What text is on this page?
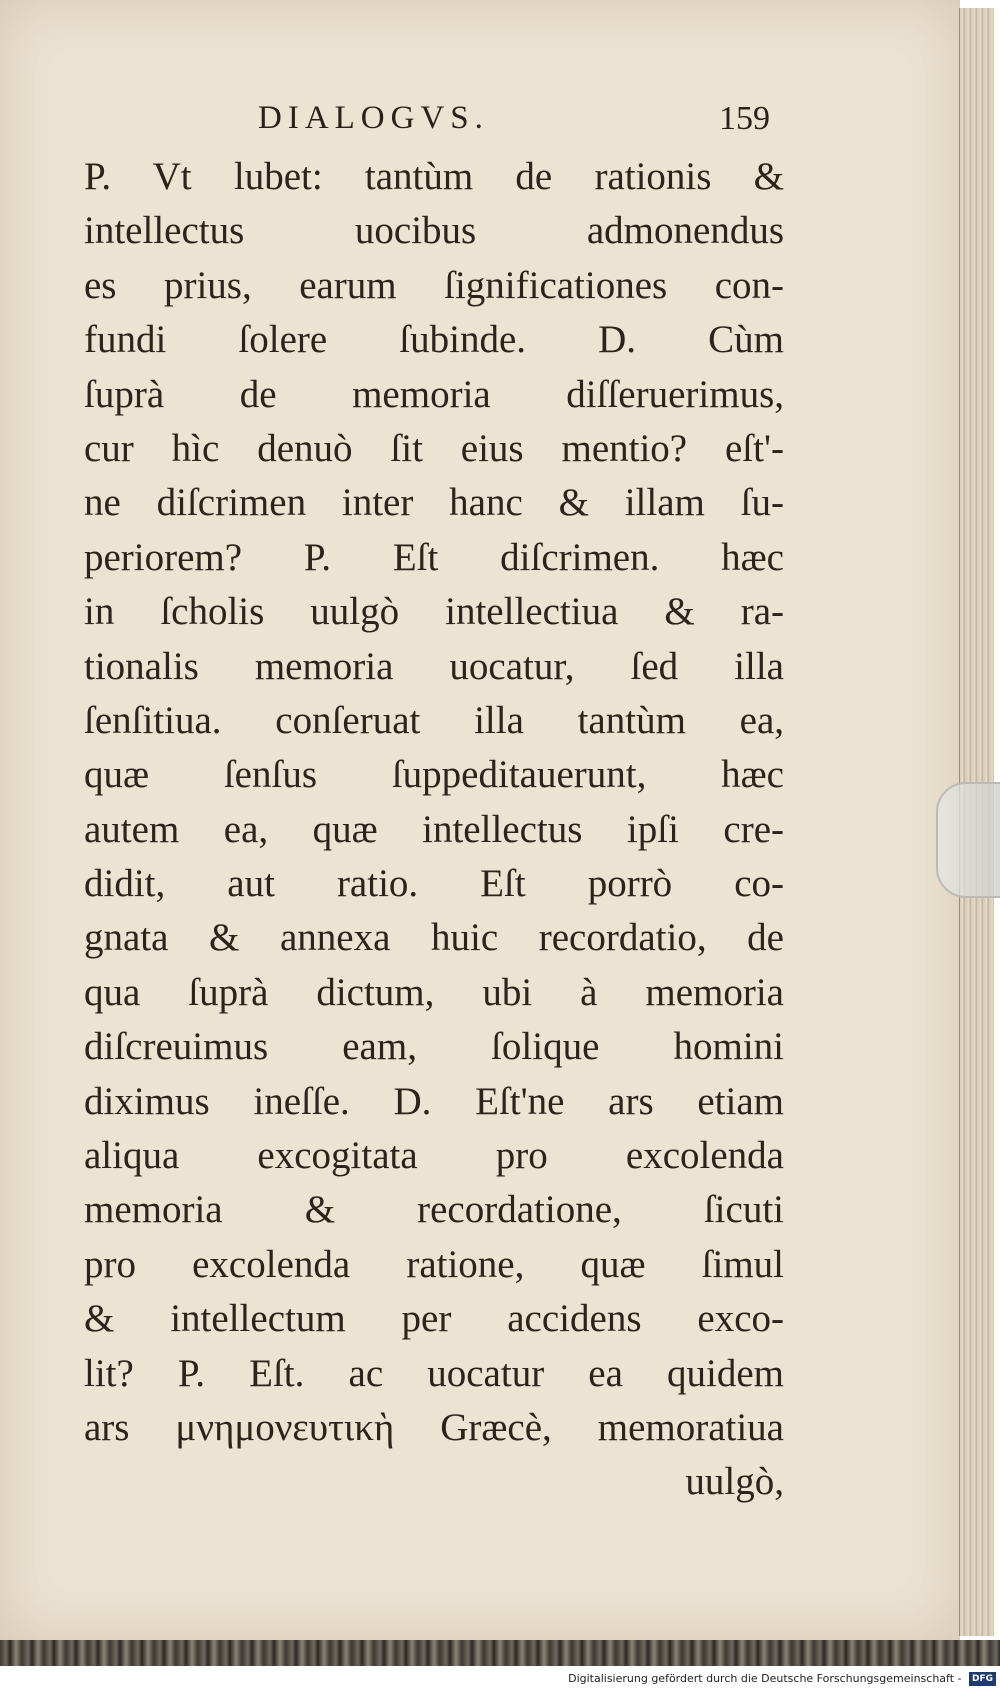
DIALOGVS.	159
P. Vt lubet: tantùm de rationis &
intellectus uocibus admonendus
es prius, earum ſignificationes con-
fundi ſolere ſubinde. D. Cùm
ſuprà de memoria diſſeruerimus,
cur hìc denuò ſit eius mentio? eſt'-
ne diſcrimen inter hanc & illam ſu-
periorem? P. Eſt diſcrimen. hæc
in ſcholis uulgò intellectiua & ra-
tionalis memoria uocatur, ſed illa
ſenſitiua. conſeruat illa tantùm ea,
quæ ſenſus ſuppeditauerunt, hæc
autem ea, quæ intellectus ipſi cre-
didit, aut ratio. Eſt porrò co-
gnata & annexa huic recordatio, de
qua ſuprà dictum, ubi à memoria
diſcreuimus eam, ſolique homini
diximus ineſſe. D. Eſt'ne ars etiam
aliqua excogitata pro excolenda
memoria & recordatione, ſicuti
pro excolenda ratione, quæ ſimul
& intellectum per accidens exco-
lit? P. Eſt. ac uocatur ea quidem
ars μνημονευτικὴ Græcè, memoratiua
uulgò,
Digitalisierung gefördert durch die Deutsche Forschungsgemeinschaft - DFG
